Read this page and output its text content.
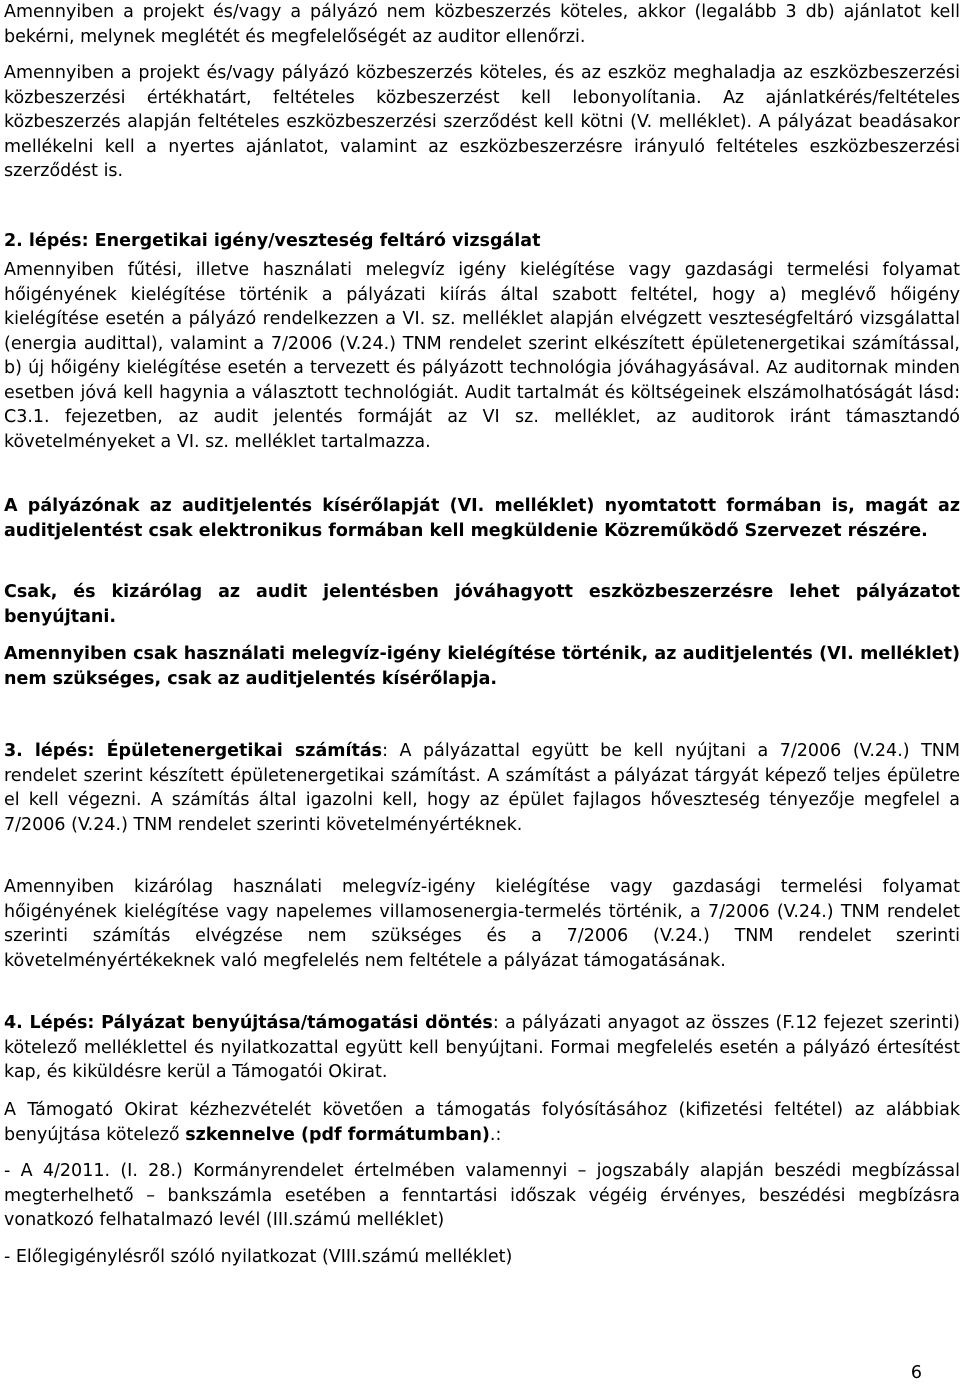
Amennyiben a projekt és/vagy a pályázó nem közbeszerzés köteles, akkor (legalább 3 db) ajánlatot kell bekérni, melynek meglétét és megfelelőségét az auditor ellenőrzi.

Amennyiben a projekt és/vagy pályázó közbeszerzés köteles, és az eszköz meghaladja az eszközbeszerzési közbeszerzési értékhatárt, feltételes közbeszerzést kell lebonyolítania. Az ajánlatkérés/feltételes közbeszerzés alapján feltételes eszközbeszerzési szerződést kell kötni (V. melléklet). A pályázat beadásakor mellékelni kell a nyertes ajánlatot, valamint az eszközbeszerzésre irányuló feltételes eszközbeszerzési szerződést is.

2. lépés: Energetikai igény/veszteség feltáró vizsgálat

Amennyiben fűtési, illetve használati melegvíz igény kielégítése vagy gazdasági termelési folyamat hőigényének kielégítése történik a pályázati kiírás által szabott feltétel, hogy a) meglévő hőigény kielégítése esetén a pályázó rendelkezzen a VI. sz. melléklet alapján elvégzett veszteségfeltáró vizsgálattal (energia audittal), valamint a 7/2006 (V.24.) TNM rendelet szerint elkészített épületenergetikai számítással, b) új hőigény kielégítése esetén a tervezett és pályázott technológia jóváhagyásával. Az auditornak minden esetben jóvá kell hagynia a választott technológiát. Audit tartalmát és költségeinek elszámolhatóságát lásd: C3.1. fejezetben, az audit jelentés formáját az VI sz. melléklet, az auditorok iránt támasztandó követelményeket a VI. sz. melléklet tartalmazza.

A pályázónak az auditjelentés kísérőlapját (VI. melléklet) nyomtatott formában is, magát az auditjelentést csak elektronikus formában kell megküldenie Közreműködő Szervezet részére.

Csak, és kizárólag az audit jelentésben jóváhagyott eszközbeszerzésre lehet pályázatot benyújtani.

Amennyiben csak használati melegvíz-igény kielégítése történik, az auditjelentés (VI. melléklet) nem szükséges, csak az auditjelentés kísérőlapja.

3. lépés: Épületenergetikai számítás: A pályázattal együtt be kell nyújtani a 7/2006 (V.24.) TNM rendelet szerint készített épületenergetikai számítást. A számítást a pályázat tárgyát képező teljes épületre el kell végezni. A számítás által igazolni kell, hogy az épület fajlagos hőveszteség tényezője megfelel a 7/2006 (V.24.) TNM rendelet szerinti követelményértéknek.

Amennyiben kizárólag használati melegvíz-igény kielégítése vagy gazdasági termelési folyamat hőigényének kielégítése vagy napelemes villamosenergia-termelés történik, a 7/2006 (V.24.) TNM rendelet szerinti számítás elvégzése nem szükséges és a 7/2006 (V.24.) TNM rendelet szerinti követelményértékeknek való megfelelés nem feltétele a pályázat támogatásának.

4. Lépés: Pályázat benyújtása/támogatási döntés: a pályázati anyagot az összes (F.12 fejezet szerinti) kötelező melléklettel és nyilatkozattal együtt kell benyújtani. Formai megfelelés esetén a pályázó értesítést kap, és kiküldésre kerül a Támogatói Okirat.

A Támogató Okirat kézhezvételét követően a támogatás folyósításához (kifizetési feltétel) az alábbiak benyújtása kötelező szkennelve (pdf formátumban).:

- A 4/2011. (I. 28.) Kormányrendelet értelmében valamennyi – jogszabály alapján beszédi megbízással megterhelhető – bankszámla esetében a fenntartási időszak végéig érvényes, beszédési megbízásra vonatkozó felhatalmazó levél (III.számú melléklet)

- Előlegigénylésről szóló nyilatkozat (VIII.számú melléklet)

6
